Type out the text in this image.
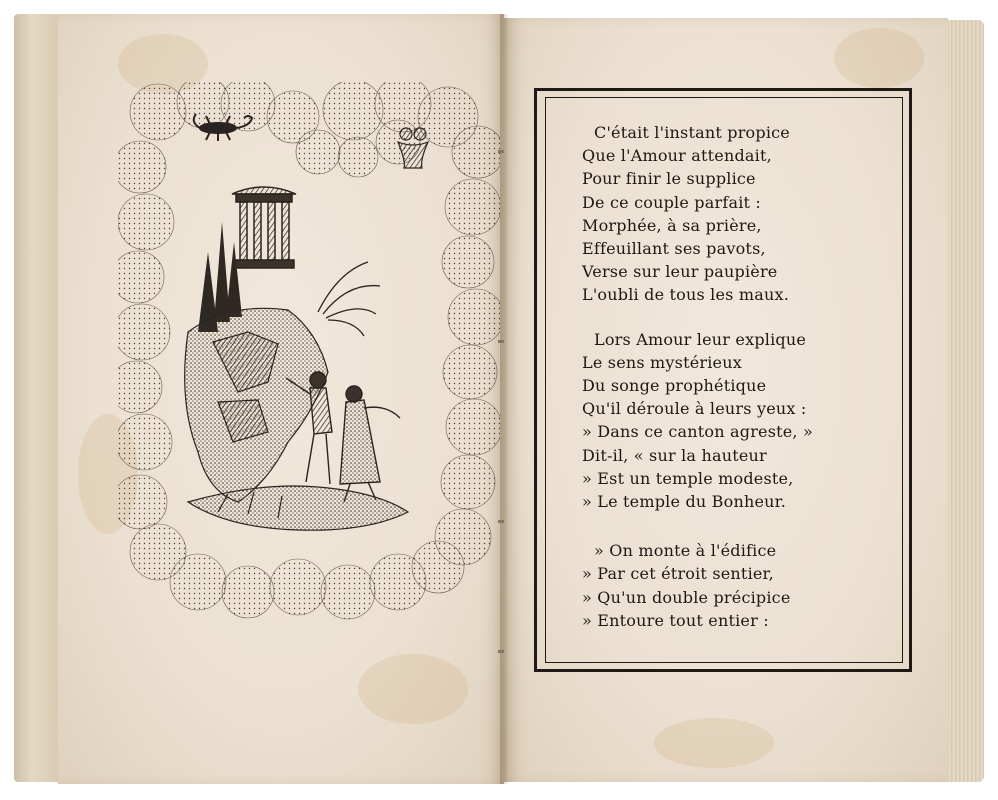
C'était l'instant propice
Que l'Amour attendait,
Pour finir le supplice
De ce couple parfait :
Morphée, à sa prière,
Effeuillant ses pavots,
Verse sur leur paupière
L'oubli de tous les maux.
Lors Amour leur explique
Le sens mystérieux
Du songe prophétique
Qu'il déroule à leurs yeux :
» Dans ce canton agreste, »
Dit-il, « sur la hauteur
» Est un temple modeste,
» Le temple du Bonheur.
» On monte à l'édifice
» Par cet étroit sentier,
» Qu'un double précipice
» Entoure tout entier :
